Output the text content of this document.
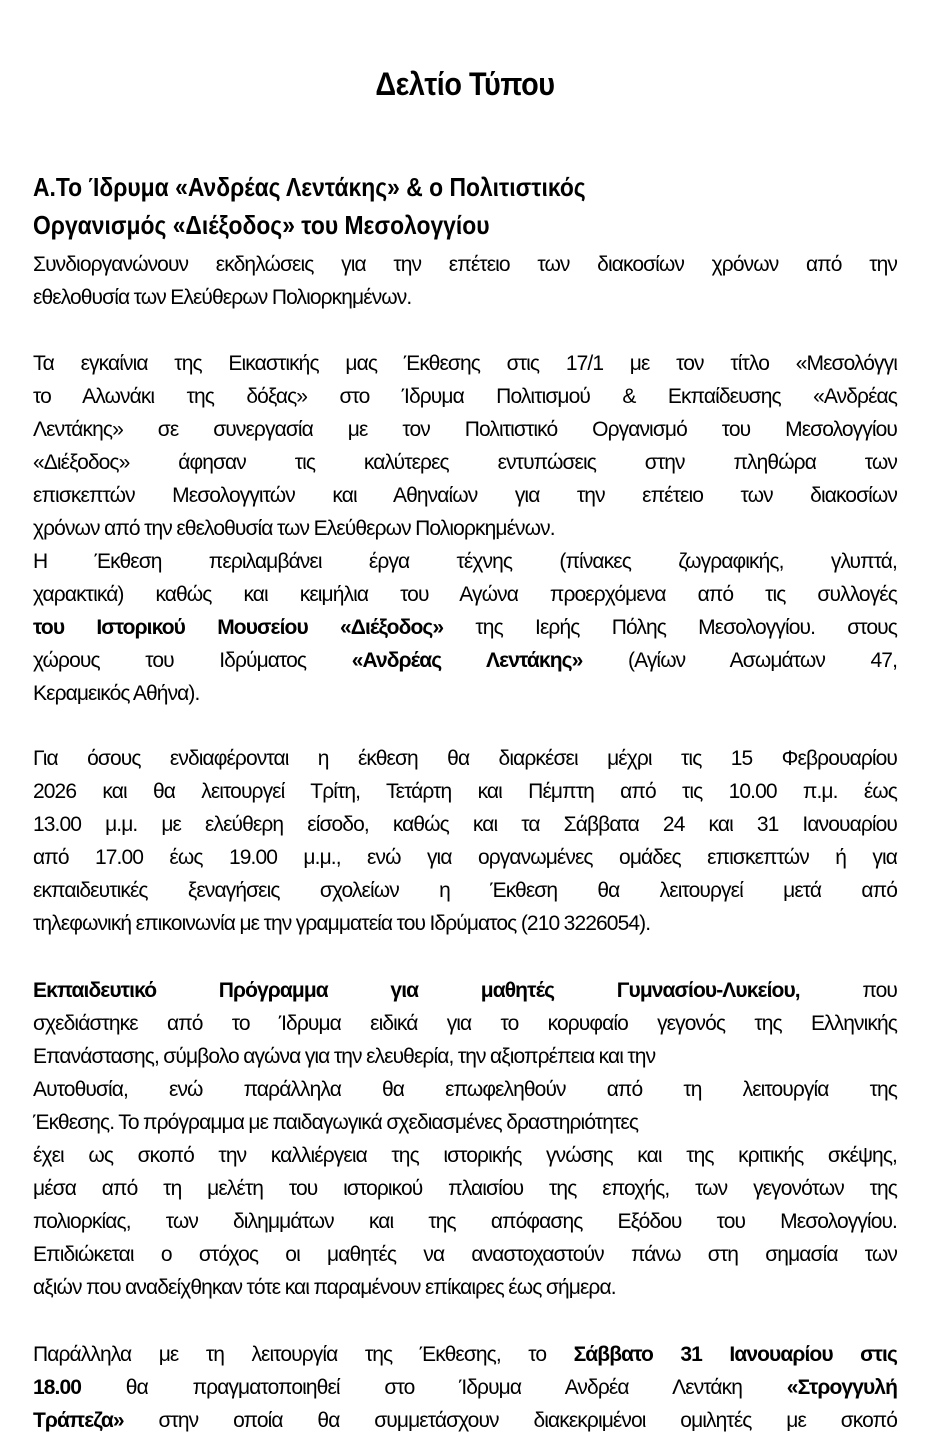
Δελτίο Τύπου
Α.Το Ίδρυμα «Ανδρέας Λεντάκης» & ο Πολιτιστικός
Οργανισμός «Διέξοδος» του Μεσολογγίου
Συνδιοργανώνουν εκδηλώσεις για την επέτειο των διακοσίων χρόνων από την
εθελοθυσία των Ελεύθερων Πολιορκημένων.
Τα εγκαίνια της Εικαστικής μας Έκθεσης στις 17/1 με τον τίτλο «Μεσολόγγι
το Αλωνάκι της δόξας» στο Ίδρυμα Πολιτισμού & Εκπαίδευσης «Ανδρέας
Λεντάκης» σε συνεργασία με τον Πολιτιστικό Οργανισμό του Μεσολογγίου
«Διέξοδος» άφησαν τις καλύτερες εντυπώσεις στην πληθώρα των
επισκεπτών Μεσολογγιτών και Αθηναίων για την επέτειο των διακοσίων
χρόνων από την εθελοθυσία των Ελεύθερων Πολιορκημένων.
Η Έκθεση περιλαμβάνει έργα τέχνης (πίνακες ζωγραφικής, γλυπτά,
χαρακτικά) καθώς και κειμήλια του Αγώνα προερχόμενα από τις συλλογές
του Ιστορικού Μουσείου «Διέξοδος» της Ιερής Πόλης Μεσολογγίου. στους
χώρους του Ιδρύματος «Ανδρέας Λεντάκης» (Αγίων Ασωμάτων 47,
Κεραμεικός Αθήνα).
Για όσους ενδιαφέρονται η έκθεση θα διαρκέσει μέχρι τις 15 Φεβρουαρίου
2026 και θα λειτουργεί Τρίτη, Τετάρτη και Πέμπτη από τις 10.00 π.μ. έως
13.00 μ.μ. με ελεύθερη είσοδο, καθώς και τα Σάββατα 24 και 31 Ιανουαρίου
από 17.00 έως 19.00 μ.μ., ενώ για οργανωμένες ομάδες επισκεπτών ή για
εκπαιδευτικές ξεναγήσεις σχολείων η Έκθεση θα λειτουργεί μετά από
τηλεφωνική επικοινωνία με την γραμματεία του Ιδρύματος (210 3226054).
Εκπαιδευτικό Πρόγραμμα για μαθητές Γυμνασίου-Λυκείου, που
σχεδιάστηκε από το Ίδρυμα ειδικά για το κορυφαίο γεγονός της Ελληνικής
Επανάστασης, σύμβολο αγώνα για την ελευθερία, την αξιοπρέπεια και την
Αυτοθυσία, ενώ παράλληλα θα επωφεληθούν από τη λειτουργία της
Έκθεσης. Το πρόγραμμα με παιδαγωγικά σχεδιασμένες δραστηριότητες
έχει ως σκοπό την καλλιέργεια της ιστορικής γνώσης και της κριτικής σκέψης,
μέσα από τη μελέτη του ιστορικού πλαισίου της εποχής, των γεγονότων της
πολιορκίας, των διλημμάτων και της απόφασης Εξόδου του Μεσολογγίου.
Επιδιώκεται ο στόχος οι μαθητές να αναστοχαστούν πάνω στη σημασία των
αξιών που αναδείχθηκαν τότε και παραμένουν επίκαιρες έως σήμερα.
Παράλληλα με τη λειτουργία της Έκθεσης, το Σάββατο 31 Ιανουαρίου στις
18.00 θα πραγματοποιηθεί στο Ίδρυμα Ανδρέα Λεντάκη «Στρογγυλή
Τράπεζα» στην οποία θα συμμετάσχουν διακεκριμένοι ομιλητές με σκοπό
